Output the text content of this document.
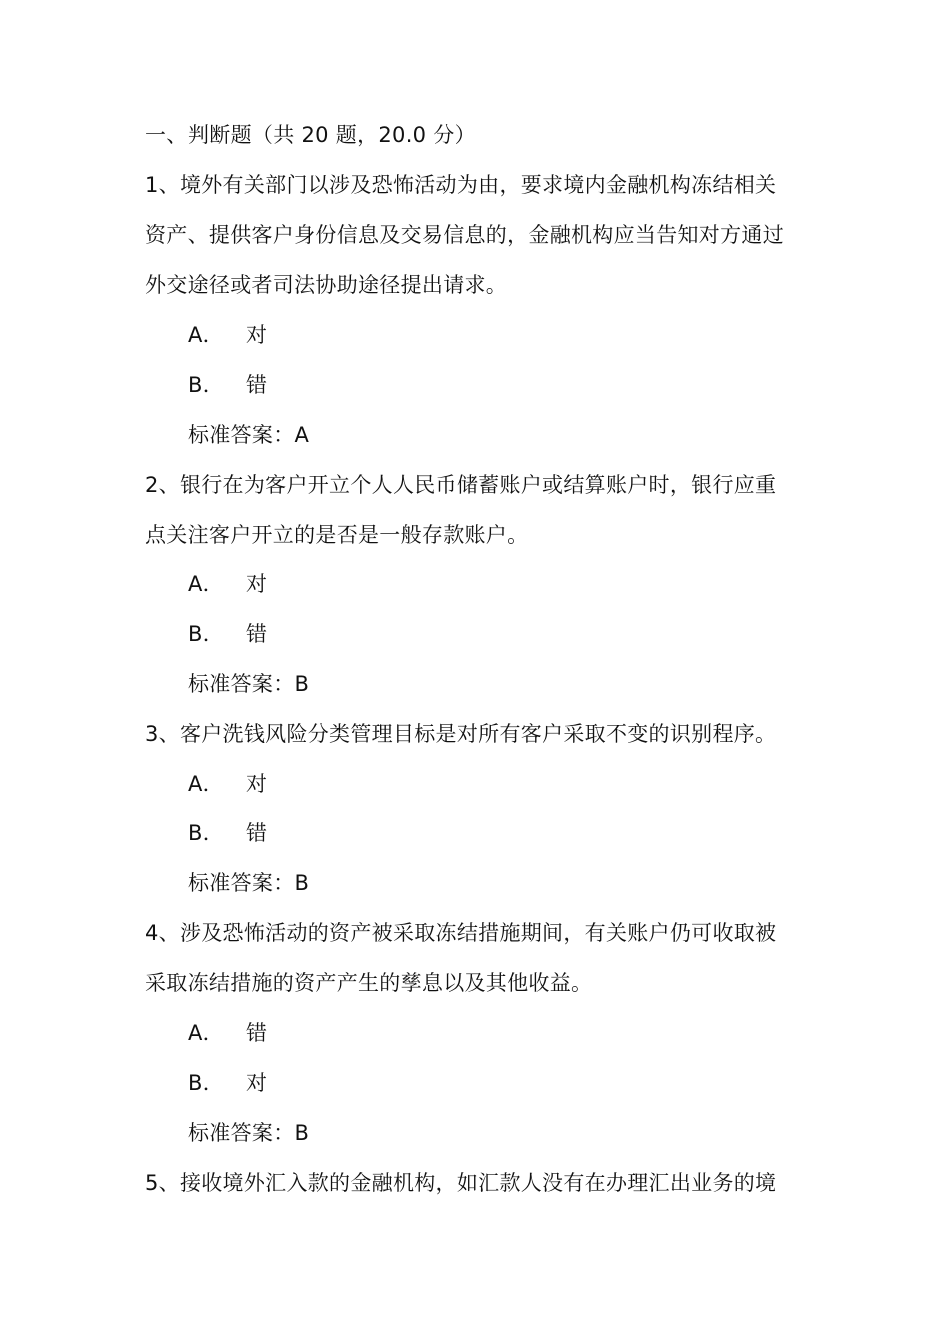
一、判断题（共 20 题，20.0 分）
1、境外有关部门以涉及恐怖活动为由，要求境内金融机构冻结相关
资产、提供客户身份信息及交易信息的，金融机构应当告知对方通过
外交途径或者司法协助途径提出请求。
A． 对
B． 错
标准答案：A
2、银行在为客户开立个人人民币储蓄账户或结算账户时，银行应重
点关注客户开立的是否是一般存款账户。
A． 对
B． 错
标准答案：B
3、客户洗钱风险分类管理目标是对所有客户采取不变的识别程序。
A． 对
B． 错
标准答案：B
4、涉及恐怖活动的资产被采取冻结措施期间，有关账户仍可收取被
采取冻结措施的资产产生的孳息以及其他收益。
A． 错
B． 对
标准答案：B
5、接收境外汇入款的金融机构，如汇款人没有在办理汇出业务的境
